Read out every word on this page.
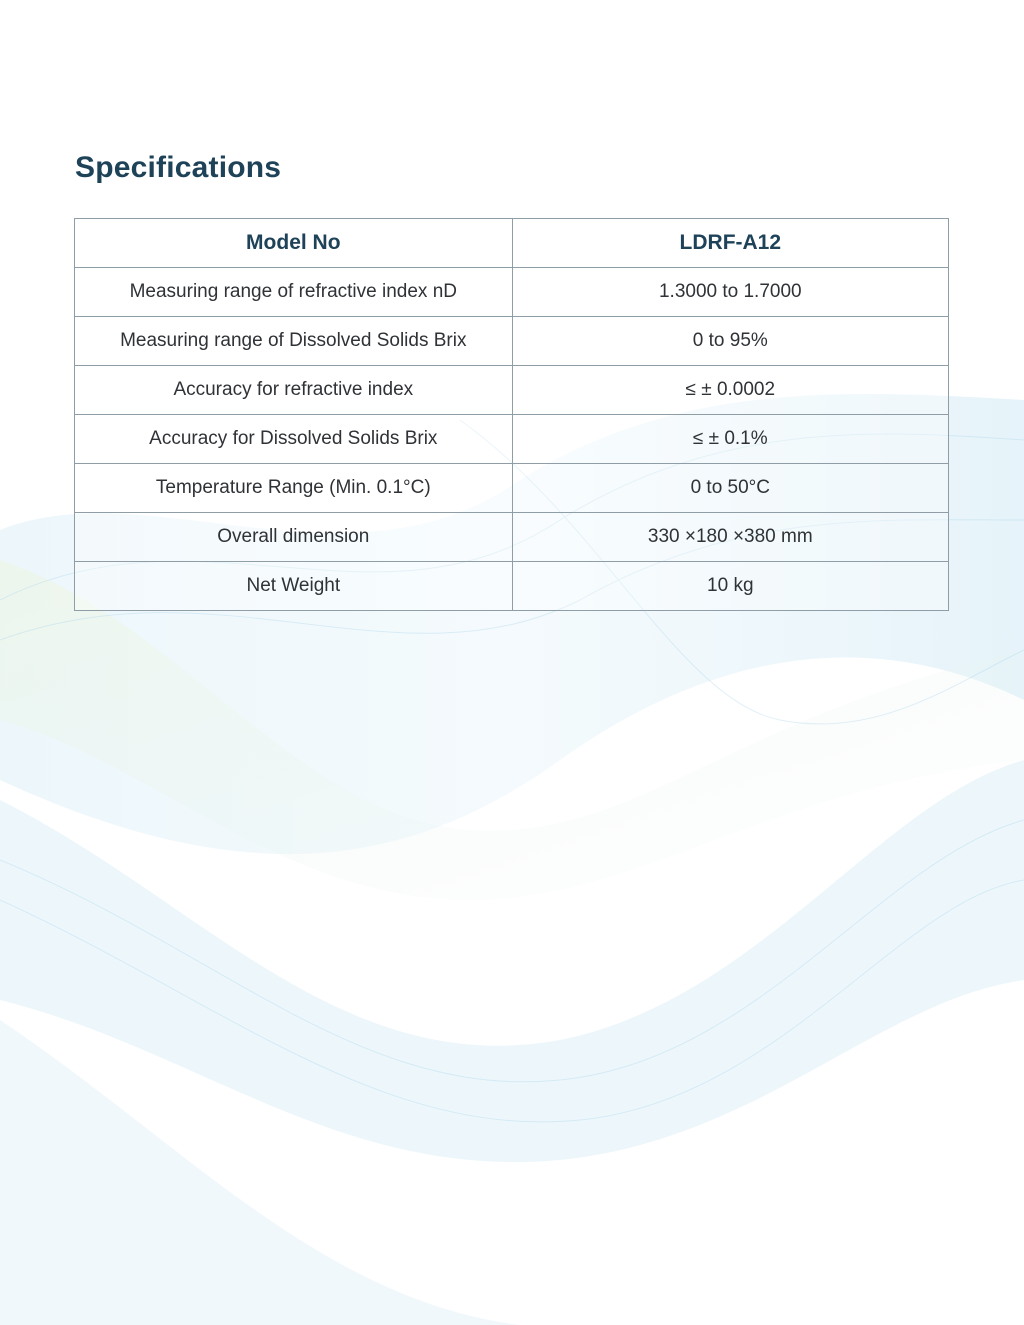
Specifications
Model No	LDRF-A12
Measuring range of refractive index nD	1.3000 to 1.7000
Measuring range of Dissolved Solids Brix	0 to 95%
Accuracy for refractive index	≤ ± 0.0002
Accuracy for Dissolved Solids Brix	≤ ± 0.1%
Temperature Range (Min. 0.1°C)	0 to 50°C
Overall dimension	330 ×180 ×380 mm
Net Weight	10 kg
